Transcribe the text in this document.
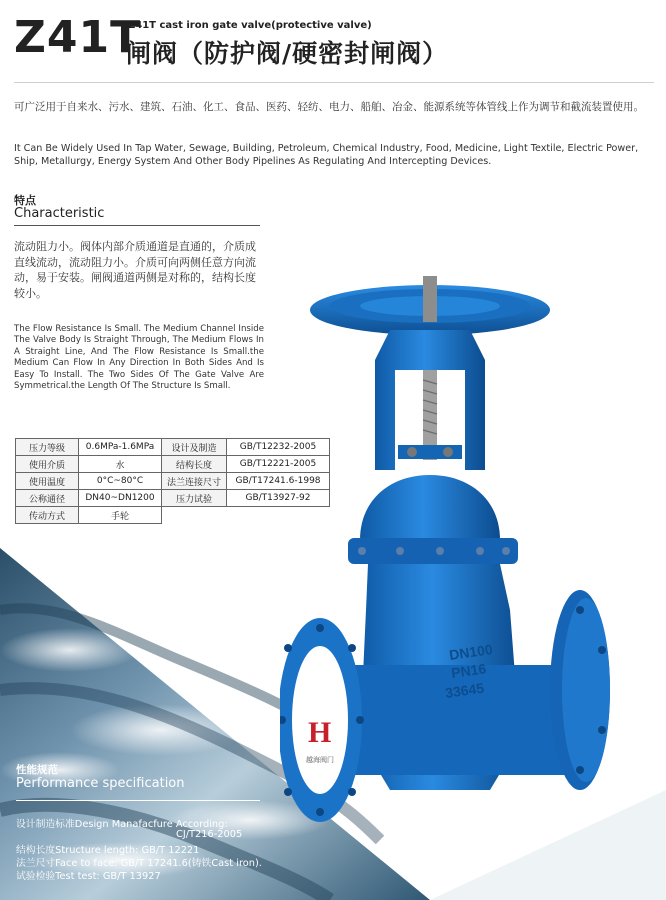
Z41T
Z41T cast iron gate valve(protective valve)
闸阀（防护阀/硬密封闸阀）
可广泛用于自来水、污水、建筑、石油、化工、食品、医药、轻纺、电力、船舶、冶金、能源系统等体管线上作为调节和截流装置使用。
It Can Be Widely Used In Tap Water, Sewage, Building, Petroleum, Chemical Industry, Food, Medicine, Light Textile, Electric Power, Ship, Metallurgy, Energy System And Other Body Pipelines As Regulating And Intercepting Devices.
特点
Characteristic
流动阻力小。阀体内部介质通道是直通的，介质成直线流动，流动阻力小。介质可向两侧任意方向流动，易于安装。闸阀通道两侧是对称的，结构长度较小。
The Flow Resistance Is Small. The Medium Channel Inside The Valve Body Is Straight Through, The Medium Flows In A Straight Line, And The Flow Resistance Is Small.the Medium Can Flow In Any Direction In Both Sides And Is Easy To Install. The Two Sides Of The Gate Valve Are Symmetrical.the Length Of The Structure Is Small.
压力等级	0.6MPa-1.6MPa	设计及制造	GB/T12232-2005
使用介质	水	结构长度	GB/T12221-2005
使用温度	0°C~80°C	法兰连接尺寸	GB/T17241.6-1998
公称通径	DN40~DN1200	压力试验	GB/T13927-92
传动方式	手轮		
DN100
PN16
33645
H
越海阀门
性能规范
Performance specification
设计制造标准Design Manafacfure According:
CJ/T216-2005
结构长度Structure length: GB/T 12221
法兰尺寸Face to face: GB/T 17241.6(铸铁Cast iron).
试验检验Test test: GB/T 13927
